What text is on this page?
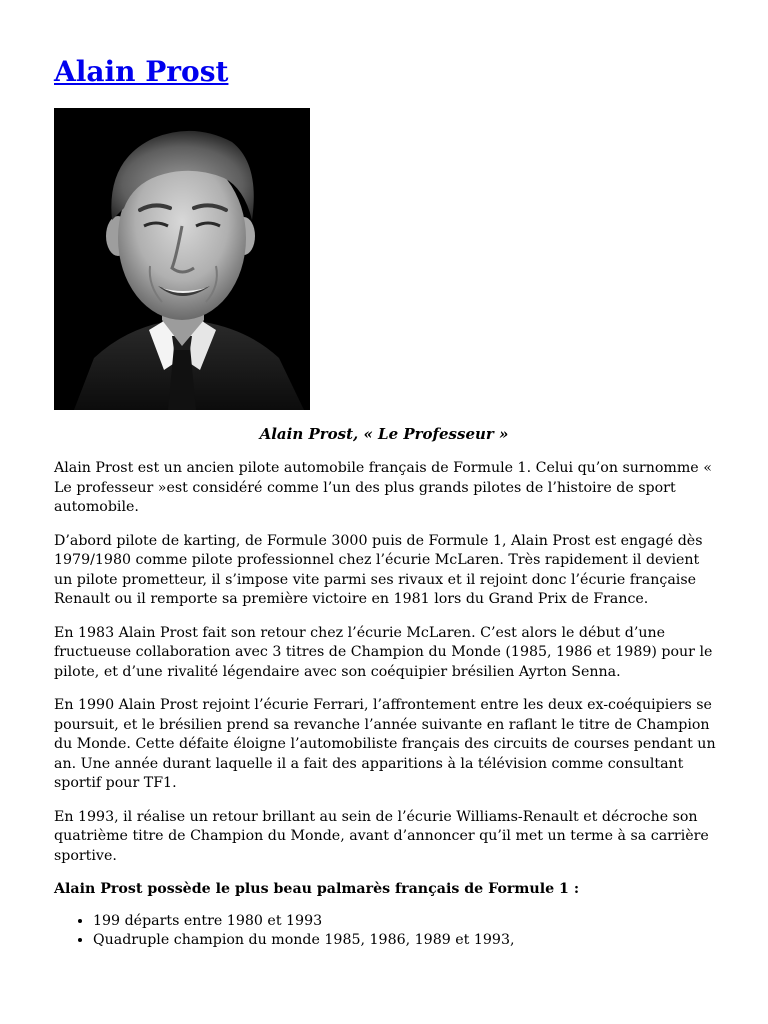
Alain Prost
Alain Prost, « Le Professeur »

Alain Prost est un ancien pilote automobile français de Formule 1. Celui qu’on surnomme « Le professeur »est considéré comme l’un des plus grands pilotes de l’histoire de sport automobile.

D’abord pilote de karting, de Formule 3000 puis de Formule 1, Alain Prost est engagé dès 1979/1980 comme pilote professionnel chez l’écurie McLaren. Très rapidement il devient un pilote prometteur, il s’impose vite parmi ses rivaux et il rejoint donc l’écurie française Renault ou il remporte sa première victoire en 1981 lors du Grand Prix de France.

En 1983 Alain Prost fait son retour chez l’écurie McLaren. C’est alors le début d’une fructueuse collaboration avec 3 titres de Champion du Monde (1985, 1986 et 1989) pour le pilote, et d’une rivalité légendaire avec son coéquipier brésilien Ayrton Senna.

En 1990 Alain Prost rejoint l’écurie Ferrari, l’affrontement entre les deux ex-coéquipiers se poursuit, et le brésilien prend sa revanche l’année suivante en raflant le titre de Champion du Monde. Cette défaite éloigne l’automobiliste français des circuits de courses pendant un an. Une année durant laquelle il a fait des apparitions à la télévision comme consultant sportif pour TF1.

En 1993, il réalise un retour brillant au sein de l’écurie Williams-Renault et décroche son quatrième titre de Champion du Monde, avant d’annoncer qu’il met un terme à sa carrière sportive.

Alain Prost possède le plus beau palmarès français de Formule 1 :

• 199 départs entre 1980 et 1993
• Quadruple champion du monde 1985, 1986, 1989 et 1993,
